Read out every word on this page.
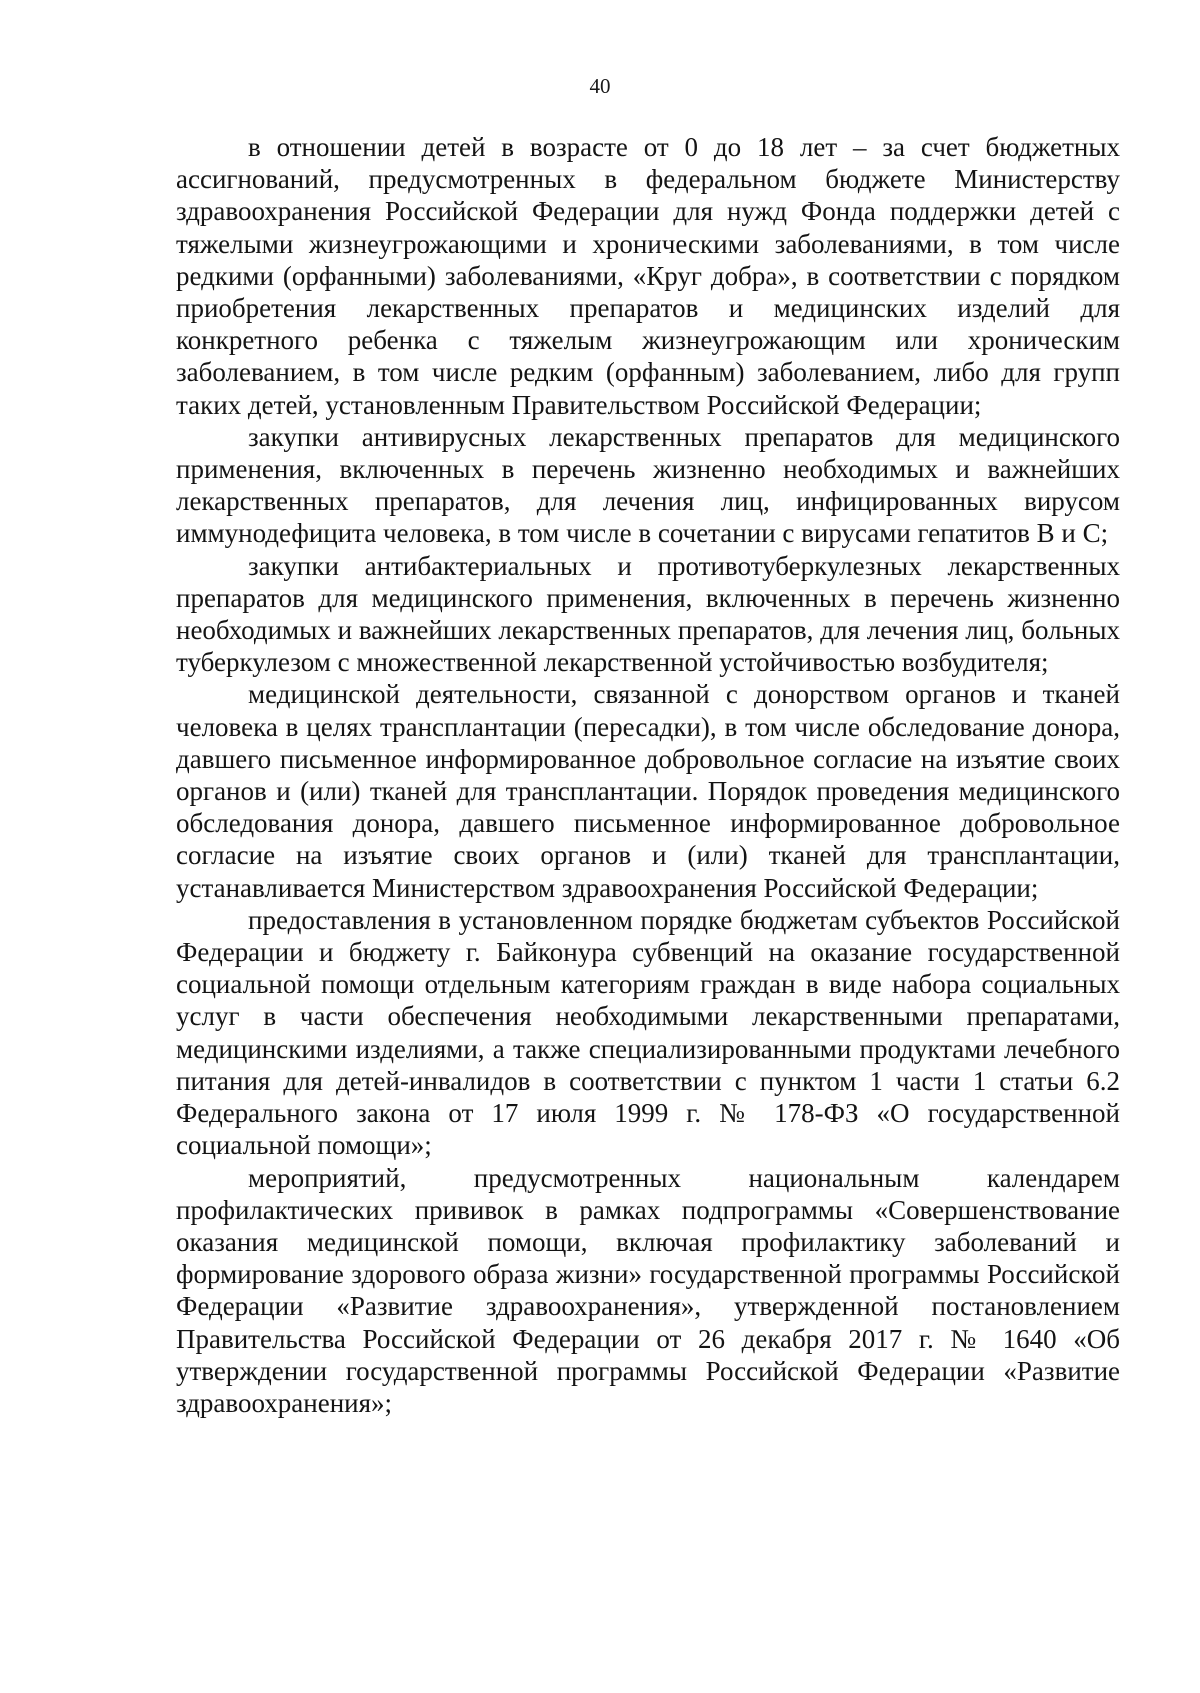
40

в отношении детей в возрасте от 0 до 18 лет – за счет бюджетных ассигнований, предусмотренных в федеральном бюджете Министерству здравоохранения Российской Федерации для нужд Фонда поддержки детей с тяжелыми жизнеугрожающими и хроническими заболеваниями, в том числе редкими (орфанными) заболеваниями, «Круг добра», в соответствии с порядком приобретения лекарственных препаратов и медицинских изделий для конкретного ребенка с тяжелым жизнеугрожающим или хроническим заболеванием, в том числе редким (орфанным) заболеванием, либо для групп таких детей, установленным Правительством Российской Федерации;

закупки антивирусных лекарственных препаратов для медицинского применения, включенных в перечень жизненно необходимых и важнейших лекарственных препаратов, для лечения лиц, инфицированных вирусом иммунодефицита человека, в том числе в сочетании с вирусами гепатитов В и С;

закупки антибактериальных и противотуберкулезных лекарственных препаратов для медицинского применения, включенных в перечень жизненно необходимых и важнейших лекарственных препаратов, для лечения лиц, больных туберкулезом с множественной лекарственной устойчивостью возбудителя;

медицинской деятельности, связанной с донорством органов и тканей человека в целях трансплантации (пересадки), в том числе обследование донора, давшего письменное информированное добровольное согласие на изъятие своих органов и (или) тканей для трансплантации. Порядок проведения медицинского обследования донора, давшего письменное информированное добровольное согласие на изъятие своих органов и (или) тканей для трансплантации, устанавливается Министерством здравоохранения Российской Федерации;

предоставления в установленном порядке бюджетам субъектов Российской Федерации и бюджету г. Байконура субвенций на оказание государственной социальной помощи отдельным категориям граждан в виде набора социальных услуг в части обеспечения необходимыми лекарственными препаратами, медицинскими изделиями, а также специализированными продуктами лечебного питания для детей-инвалидов в соответствии с пунктом 1 части 1 статьи 6.2 Федерального закона от 17 июля 1999 г. № 178-ФЗ «О государственной социальной помощи»;

мероприятий, предусмотренных национальным календарем профилактических прививок в рамках подпрограммы «Совершенствование оказания медицинской помощи, включая профилактику заболеваний и формирование здорового образа жизни» государственной программы Российской Федерации «Развитие здравоохранения», утвержденной постановлением Правительства Российской Федерации от 26 декабря 2017 г. № 1640 «Об утверждении государственной программы Российской Федерации «Развитие здравоохранения»;
